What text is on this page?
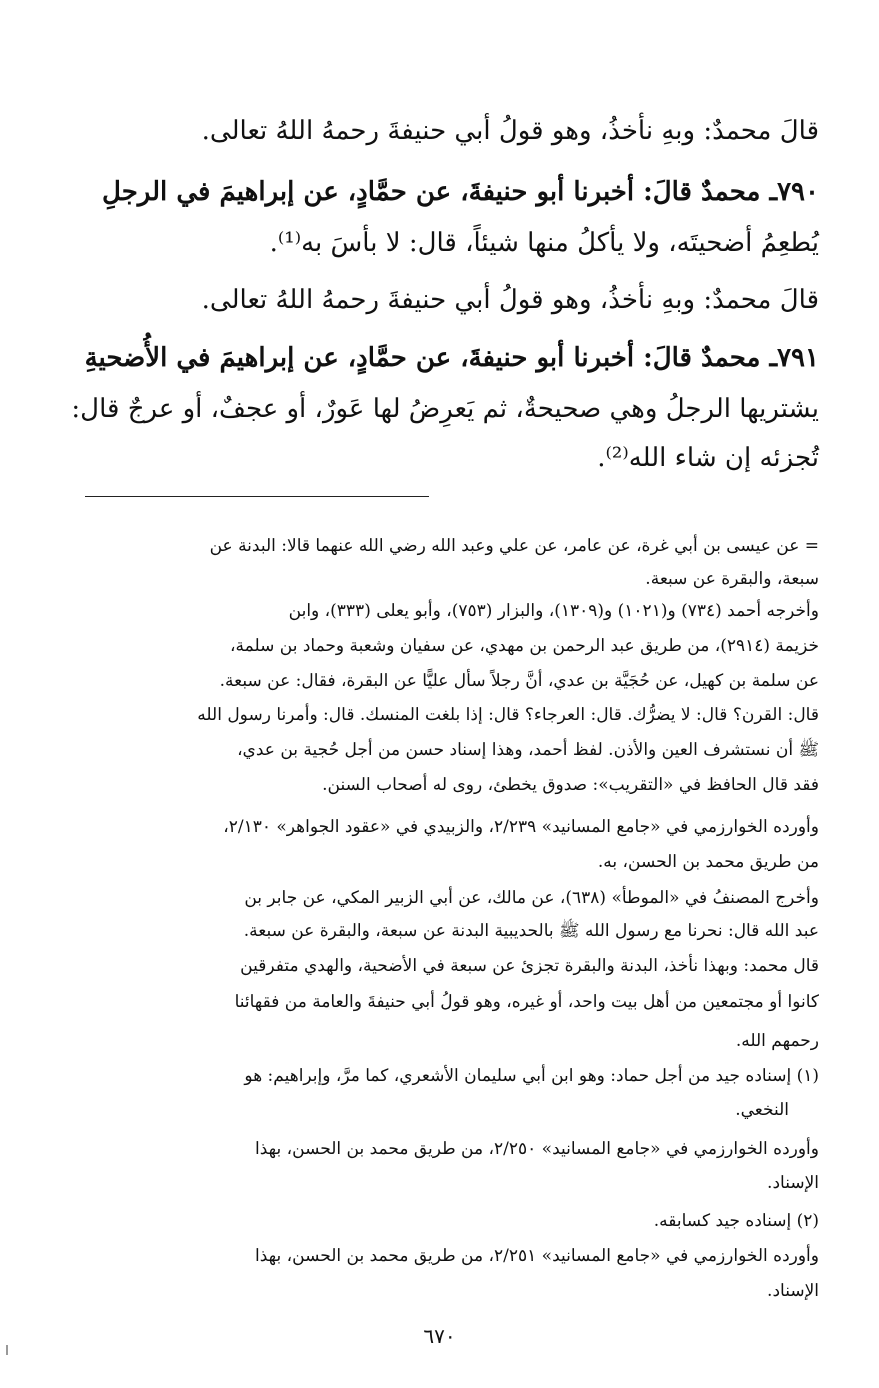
قالَ محمدٌ: وبهِ نأخذُ، وهو قولُ أبي حنيفةَ رحمهُ اللهُ تعالى.
٧٩٠ـ محمدٌ قالَ: أخبرنا أبو حنيفةَ، عن حمَّادٍ، عن إبراهيمَ في الرجلِ
يُطعِمُ أضحيتَه، ولا يأكلُ منها شيئاً، قال: لا بأسَ به⁽¹⁾.
قالَ محمدٌ: وبهِ نأخذُ، وهو قولُ أبي حنيفةَ رحمهُ اللهُ تعالى.
٧٩١ـ محمدٌ قالَ: أخبرنا أبو حنيفةَ، عن حمَّادٍ، عن إبراهيمَ في الأُضحيةِ
يشتريها الرجلُ وهي صحيحةٌ، ثم يَعرِضُ لها عَورٌ، أو عجفٌ، أو عرجٌ قال:
تُجزئه إن شاء الله⁽²⁾.
= عن عيسى بن أبي غرة، عن عامر، عن علي وعبد الله رضي الله عنهما قالا: البدنة عن
سبعة، والبقرة عن سبعة.
وأخرجه أحمد (٧٣٤) و(١٠٢١) و(١٣٠٩)، والبزار (٧٥٣)، وأبو يعلى (٣٣٣)، وابن
خزيمة (٢٩١٤)، من طريق عبد الرحمن بن مهدي، عن سفيان وشعبة وحماد بن سلمة،
عن سلمة بن كهيل، عن حُجَيَّة بن عدي، أنَّ رجلاً سأل عليًّا عن البقرة، فقال: عن سبعة.
قال: القرن؟ قال: لا يضرُّك. قال: العرجاء؟ قال: إذا بلغت المنسك. قال: وأمرنا رسول الله
ﷺ أن نستشرف العين والأذن. لفظ أحمد، وهذا إسناد حسن من أجل حُجية بن عدي،
فقد قال الحافظ في «التقريب»: صدوق يخطئ، روى له أصحاب السنن.
وأورده الخوارزمي في «جامع المسانيد» ٢/٢٣٩، والزبيدي في «عقود الجواهر» ٢/١٣٠،
من طريق محمد بن الحسن، به.
وأخرج المصنفُ في «الموطأ» (٦٣٨)، عن مالك، عن أبي الزبير المكي، عن جابر بن
عبد الله قال: نحرنا مع رسول الله ﷺ بالحديبية البدنة عن سبعة، والبقرة عن سبعة.
قال محمد: وبهذا نأخذ، البدنة والبقرة تجزئ عن سبعة في الأضحية، والهدي متفرقين
كانوا أو مجتمعين من أهل بيت واحد، أو غيره، وهو قولُ أبي حنيفةَ والعامة من فقهائنا
رحمهم الله.
(١) إسناده جيد من أجل حماد: وهو ابن أبي سليمان الأشعري، كما مرَّ، وإبراهيم: هو
النخعي.
وأورده الخوارزمي في «جامع المسانيد» ٢/٢٥٠، من طريق محمد بن الحسن، بهذا
الإسناد.
(٢) إسناده جيد كسابقه.
وأورده الخوارزمي في «جامع المسانيد» ٢/٢٥١، من طريق محمد بن الحسن، بهذا
الإسناد.
٦٧٠
